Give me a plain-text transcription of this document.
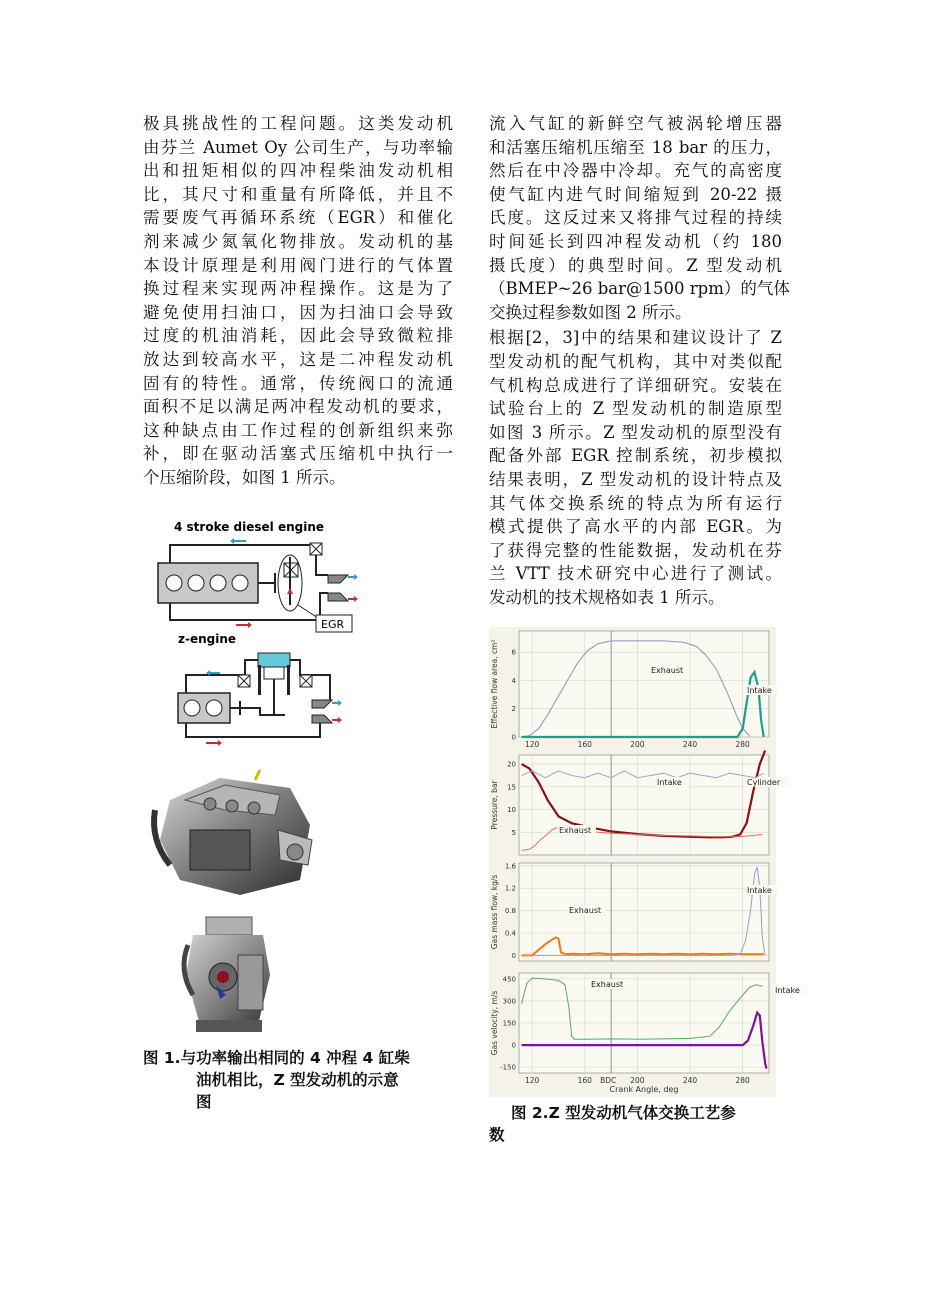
极具挑战性的工程问题。这类发动机
由芬兰 Aumet Oy 公司生产，与功率输
出和扭矩相似的四冲程柴油发动机相
比，其尺寸和重量有所降低，并且不
需要废气再循环系统（EGR）和催化
剂来减少氮氧化物排放。发动机的基
本设计原理是利用阀门进行的气体置
换过程来实现两冲程操作。这是为了
避免使用扫油口，因为扫油口会导致
过度的机油消耗，因此会导致微粒排
放达到较高水平，这是二冲程发动机
固有的特性。通常，传统阀口的流通
面积不足以满足两冲程发动机的要求，
这种缺点由工作过程的创新组织来弥
补，即在驱动活塞式压缩机中执行一
个压缩阶段，如图 1 所示。

流入气缸的新鲜空气被涡轮增压器
和活塞压缩机压缩至 18 bar 的压力，
然后在中冷器中冷却。充气的高密度
使气缸内进气时间缩短到 20-22 摄
氏度。这反过来又将排气过程的持续
时间延长到四冲程发动机（约 180
摄氏度）的典型时间。Z 型发动机
（BMEP~26 bar@1500 rpm）的气体
交换过程参数如图 2 所示。

根据[2，3]中的结果和建议设计了 Z
型发动机的配气机构，其中对类似配
气机构总成进行了详细研究。安装在
试验台上的 Z 型发动机的制造原型
如图 3 所示。Z 型发动机的原型没有
配备外部 EGR 控制系统，初步模拟
结果表明，Z 型发动机的设计特点及
其气体交换系统的特点为所有运行
模式提供了高水平的内部 EGR。为
了获得完整的性能数据，发动机在芬
兰 VTT 技术研究中心进行了测试。
发动机的技术规格如表 1 所示。

4 stroke diesel engine
EGR
z-engine
图 1.与功率输出相同的 4 冲程 4 缸柴
油机相比，Z 型发动机的示意
图
120	160	200	240	280
0
2
4
6
Effective flow area, cm²	Exhaust
Intake
5
10
15
20
Pressure, bar	Cylinder
Intake
Exhaust
0
0.4
0.8
1.2
1.6
Gas mass flow, kg/s	Exhaust
Intake
120	160	200	240	280
-150
0
150
300
450
Gas velocity, m/s
Exhaust
Intake
BDC
Crank Angle, deg
图 2.Z 型发动机气体交换工艺参
数
